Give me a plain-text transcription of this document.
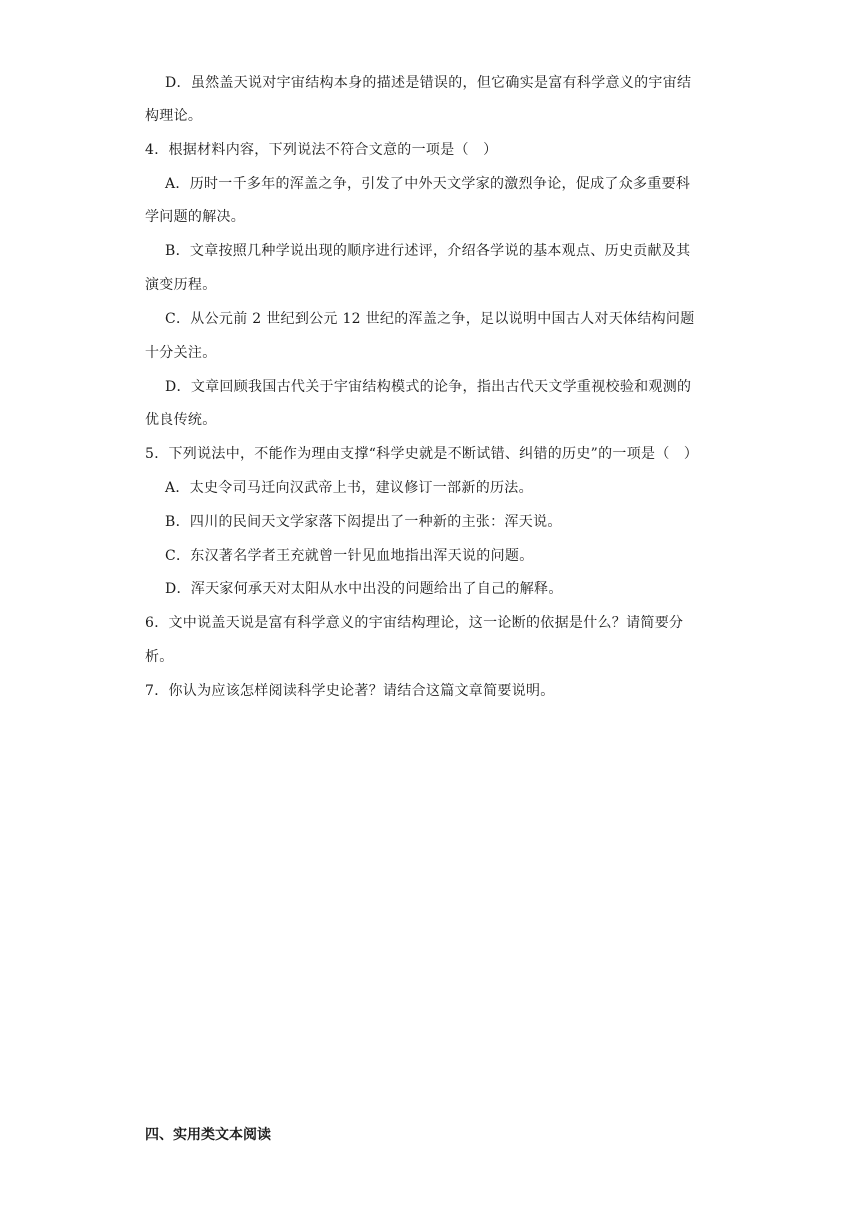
D．虽然盖天说对宇宙结构本身的描述是错误的，但它确实是富有科学意义的宇宙结
构理论。
4．根据材料内容，下列说法不符合文意的一项是（　）
A．历时一千多年的浑盖之争，引发了中外天文学家的激烈争论，促成了众多重要科
学问题的解决。
B．文章按照几种学说出现的顺序进行述评，介绍各学说的基本观点、历史贡献及其
演变历程。
C．从公元前 2 世纪到公元 12 世纪的浑盖之争，足以说明中国古人对天体结构问题
十分关注。
D．文章回顾我国古代关于宇宙结构模式的论争，指出古代天文学重视校验和观测的
优良传统。
5．下列说法中，不能作为理由支撑“科学史就是不断试错、纠错的历史”的一项是（　）
A．太史令司马迁向汉武帝上书，建议修订一部新的历法。
B．四川的民间天文学家落下闳提出了一种新的主张：浑天说。
C．东汉著名学者王充就曾一针见血地指出浑天说的问题。
D．浑天家何承天对太阳从水中出没的问题给出了自己的解释。
6．文中说盖天说是富有科学意义的宇宙结构理论，这一论断的依据是什么？请简要分
析。
7．你认为应该怎样阅读科学史论著？请结合这篇文章简要说明。
四、实用类文本阅读
